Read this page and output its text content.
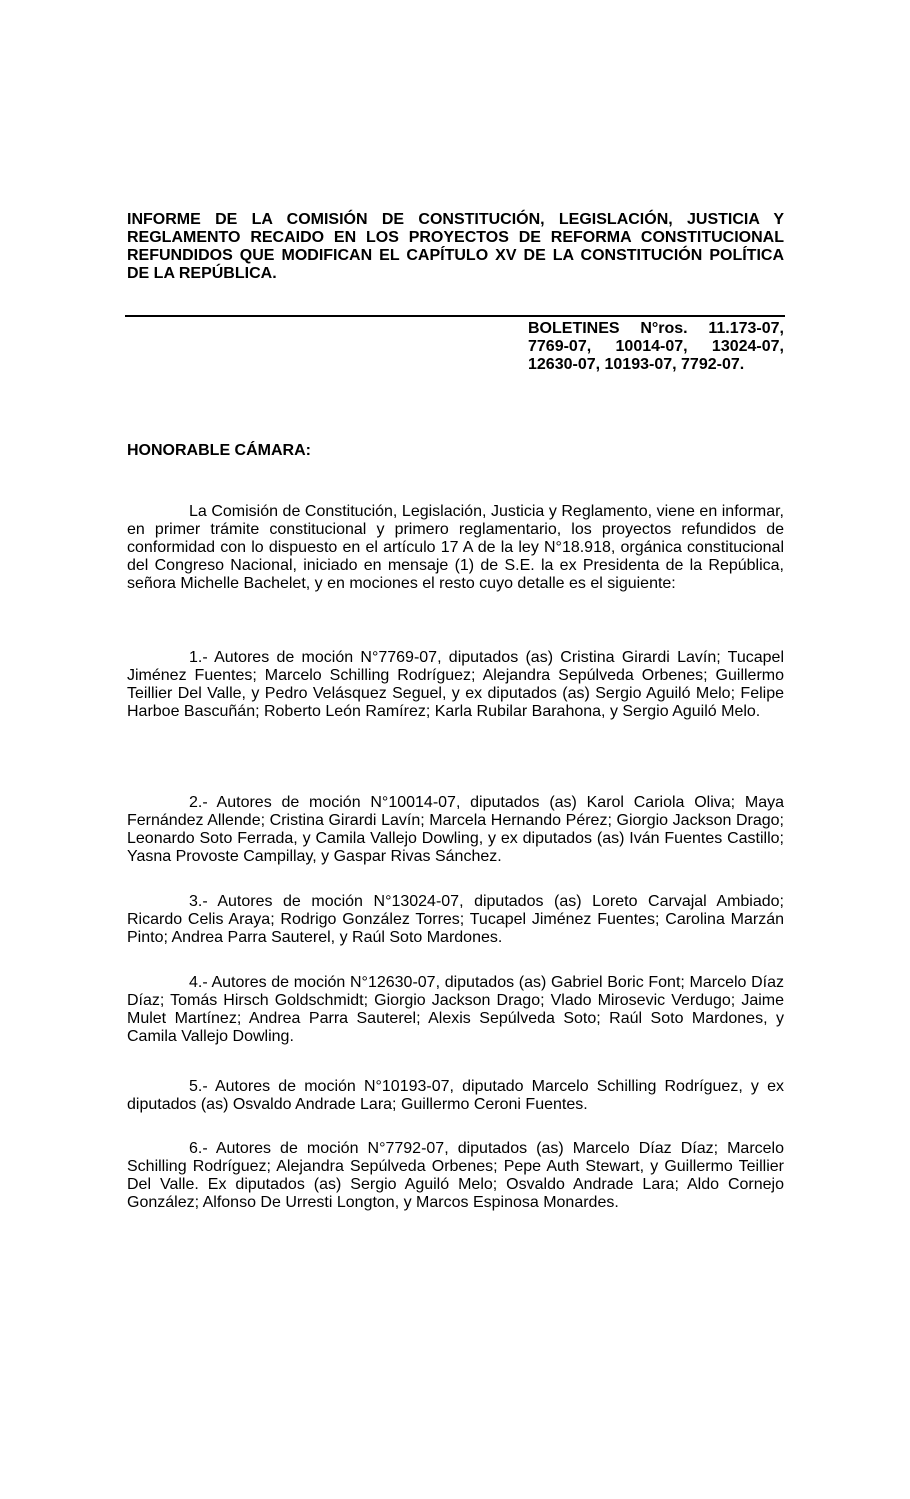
INFORME DE LA COMISIÓN DE CONSTITUCIÓN, LEGISLACIÓN, JUSTICIA Y REGLAMENTO RECAIDO EN LOS PROYECTOS DE REFORMA CONSTITUCIONAL REFUNDIDOS QUE MODIFICAN EL CAPÍTULO XV DE LA CONSTITUCIÓN POLÍTICA DE LA REPÚBLICA.

BOLETINES N°ros. 11.173-07, 7769-07, 10014-07, 13024-07, 12630-07, 10193-07, 7792-07.

HONORABLE CÁMARA:

La Comisión de Constitución, Legislación, Justicia y Reglamento, viene en informar, en primer trámite constitucional y primero reglamentario, los proyectos refundidos de conformidad con lo dispuesto en el artículo 17 A de la ley N°18.918, orgánica constitucional del Congreso Nacional, iniciado en mensaje (1) de S.E. la ex Presidenta de la República, señora Michelle Bachelet, y en mociones el resto cuyo detalle es el siguiente:

1.- Autores de moción N°7769-07, diputados (as) Cristina Girardi Lavín; Tucapel Jiménez Fuentes; Marcelo Schilling Rodríguez; Alejandra Sepúlveda Orbenes; Guillermo Teillier Del Valle, y Pedro Velásquez Seguel, y ex diputados (as) Sergio Aguiló Melo; Felipe Harboe Bascuñán; Roberto León Ramírez; Karla Rubilar Barahona, y Sergio Aguiló Melo.

2.- Autores de moción N°10014-07, diputados (as) Karol Cariola Oliva; Maya Fernández Allende; Cristina Girardi Lavín; Marcela Hernando Pérez; Giorgio Jackson Drago; Leonardo Soto Ferrada, y Camila Vallejo Dowling, y ex diputados (as) Iván Fuentes Castillo; Yasna Provoste Campillay, y Gaspar Rivas Sánchez.

3.- Autores de moción N°13024-07, diputados (as) Loreto Carvajal Ambiado; Ricardo Celis Araya; Rodrigo González Torres; Tucapel Jiménez Fuentes; Carolina Marzán Pinto; Andrea Parra Sauterel, y Raúl Soto Mardones.

4.- Autores de moción N°12630-07, diputados (as) Gabriel Boric Font; Marcelo Díaz Díaz; Tomás Hirsch Goldschmidt; Giorgio Jackson Drago; Vlado Mirosevic Verdugo; Jaime Mulet Martínez; Andrea Parra Sauterel; Alexis Sepúlveda Soto; Raúl Soto Mardones, y Camila Vallejo Dowling.

5.- Autores de moción N°10193-07, diputado Marcelo Schilling Rodríguez, y ex diputados (as) Osvaldo Andrade Lara; Guillermo Ceroni Fuentes.

6.- Autores de moción N°7792-07, diputados (as) Marcelo Díaz Díaz; Marcelo Schilling Rodríguez; Alejandra Sepúlveda Orbenes; Pepe Auth Stewart, y Guillermo Teillier Del Valle. Ex diputados (as) Sergio Aguiló Melo; Osvaldo Andrade Lara; Aldo Cornejo González; Alfonso De Urresti Longton, y Marcos Espinosa Monardes.
